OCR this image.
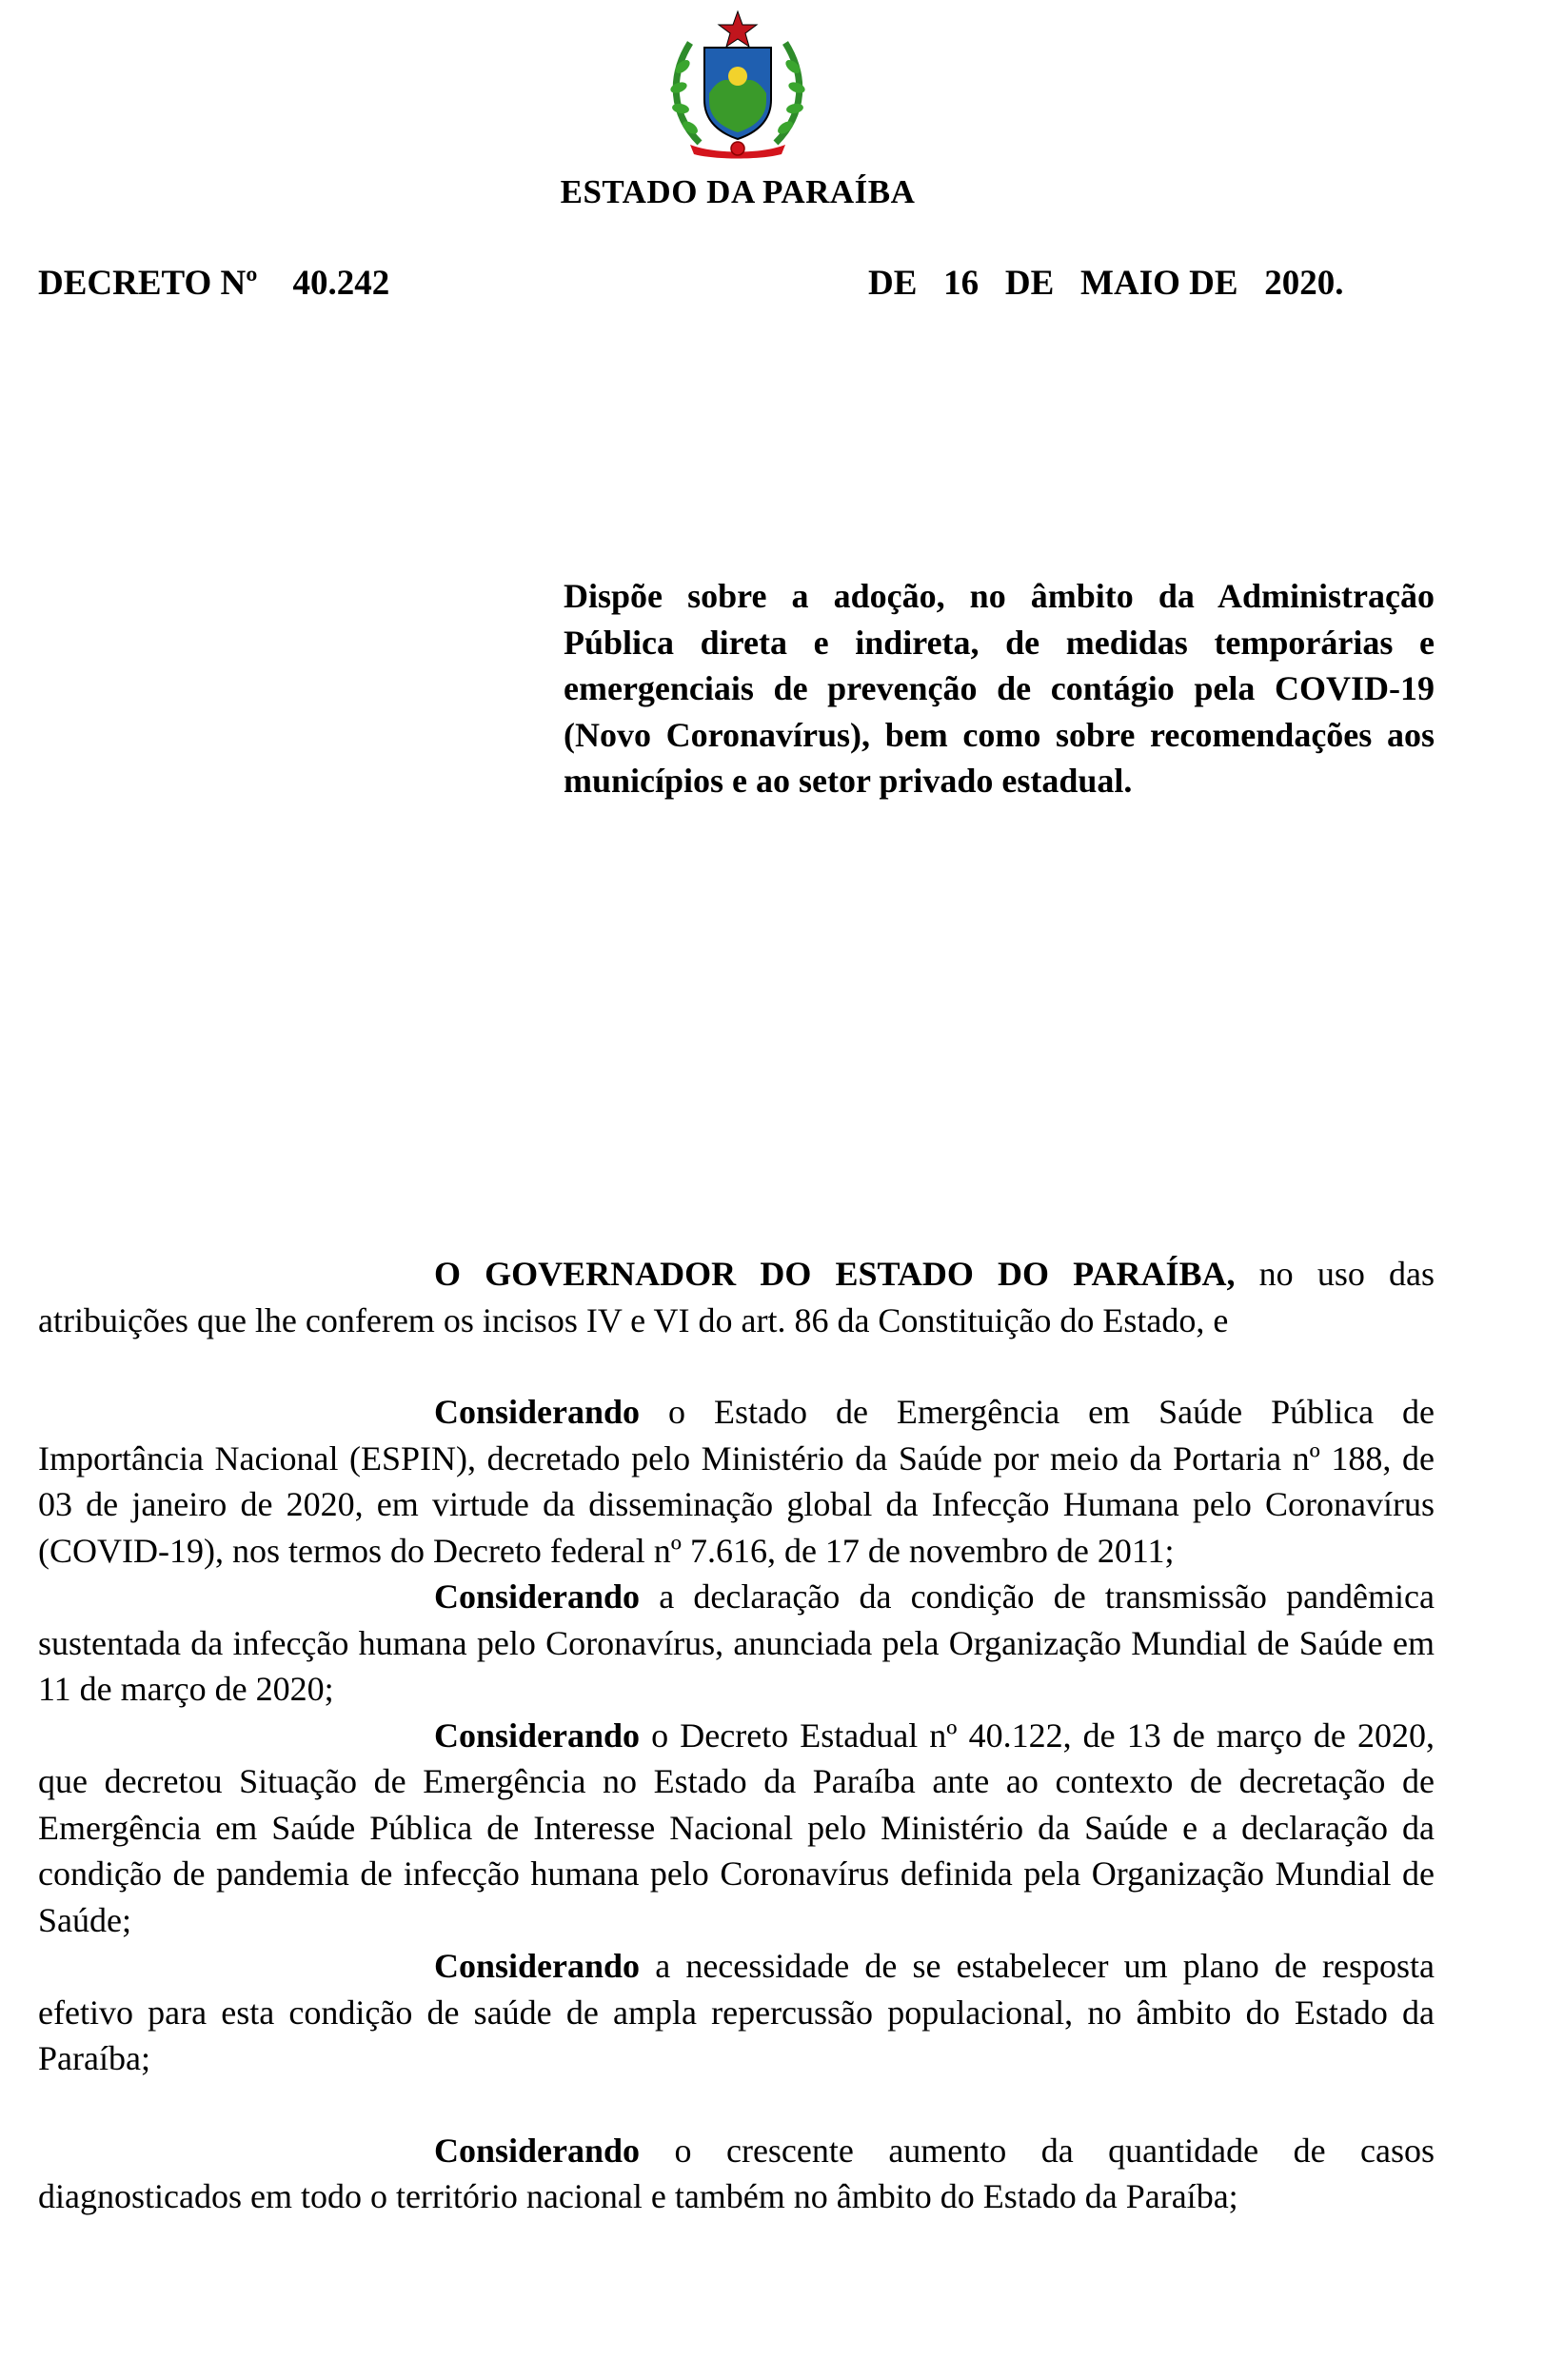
ESTADO DA PARAÍBA
DECRETO Nº    40.242	DE   16   DE   MAIO DE   2020.
Dispõe sobre a adoção, no âmbito da Administração Pública direta e indireta, de medidas temporárias e emergenciais de prevenção de contágio pela COVID-19 (Novo Coronavírus), bem como sobre recomendações aos municípios e ao setor privado estadual.

O GOVERNADOR DO ESTADO DO PARAÍBA, no uso das atribuições que lhe conferem os incisos IV e VI do art. 86 da Constituição do Estado, e

Considerando o Estado de Emergência em Saúde Pública de Importância Nacional (ESPIN), decretado pelo Ministério da Saúde por meio da Portaria nº 188, de 03 de janeiro de 2020, em virtude da disseminação global da Infecção Humana pelo Coronavírus (COVID-19), nos termos do Decreto federal nº 7.616, de 17 de novembro de 2011;

Considerando a declaração da condição de transmissão pandêmica sustentada da infecção humana pelo Coronavírus, anunciada pela Organização Mundial de Saúde em 11 de março de 2020;

Considerando o Decreto Estadual nº 40.122, de 13 de março de 2020, que decretou Situação de Emergência no Estado da Paraíba ante ao contexto de decretação de Emergência em Saúde Pública de Interesse Nacional pelo Ministério da Saúde e a declaração da condição de pandemia de infecção humana pelo Coronavírus definida pela Organização Mundial de Saúde;

Considerando a necessidade de se estabelecer um plano de resposta efetivo para esta condição de saúde de ampla repercussão populacional, no âmbito do Estado da Paraíba;

Considerando o crescente aumento da quantidade de casos diagnosticados em todo o território nacional e também no âmbito do Estado da Paraíba;
